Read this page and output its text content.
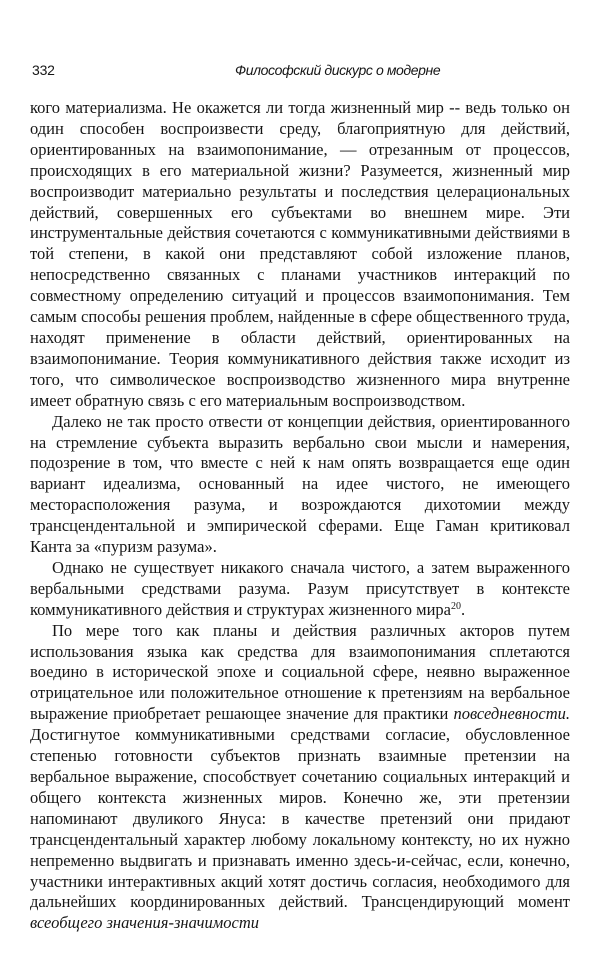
332	Философский дискурс о модерне

кого материализма. Не окажется ли тогда жизненный мир -- ведь только он один способен воспроизвести среду, благоприятную для действий, ориентированных на взаимопонимание, — отрезанным от процессов, происходящих в его материальной жизни? Разумеется, жизненный мир воспроизводит материально результаты и последствия целерациональных действий, совершенных его субъектами во внешнем мире. Эти инструментальные действия сочетаются с коммуникативными действиями в той степени, в какой они представляют собой изложение планов, непосредственно связанных с планами участников интеракций по совместному определению ситуаций и процессов взаимопонимания. Тем самым способы решения проблем, найденные в сфере общественного труда, находят применение в области действий, ориентированных на взаимопонимание. Теория коммуникативного действия также исходит из того, что символическое воспроизводство жизненного мира внутренне имеет обратную связь с его материальным воспроизводством.

Далеко не так просто отвести от концепции действия, ориентированного на стремление субъекта выразить вербально свои мысли и намерения, подозрение в том, что вместе с ней к нам опять возвращается еще один вариант идеализма, основанный на идее чистого, не имеющего месторасположения разума, и возрождаются дихотомии между трансцендентальной и эмпирической сферами. Еще Гаман критиковал Канта за «пуризм разума».

Однако не существует никакого сначала чистого, а затем выраженного вербальными средствами разума. Разум присутствует в контексте коммуникативного действия и структурах жизненного мира$^{20}$.

По мере того как планы и действия различных акторов путем использования языка как средства для взаимопонимания сплетаются воедино в исторической эпохе и социальной сфере, неявно выраженное отрицательное или положительное отношение к претензиям на вербальное выражение приобретает решающее значение для практики повседневности. Достигнутое коммуникативными средствами согласие, обусловленное степенью готовности субъектов признать взаимные претензии на вербальное выражение, способствует сочетанию социальных интеракций и общего контекста жизненных миров. Конечно же, эти претензии напоминают двуликого Януса: в качестве претензий они придают трансцендентальный характер любому локальному контексту, но их нужно непременно выдвигать и признавать именно здесь-и-сейчас, если, конечно, участники интерактивных акций хотят достичь согласия, необходимого для дальнейших координированных действий. Трансцендирующий момент всеобщего значения-значимости
